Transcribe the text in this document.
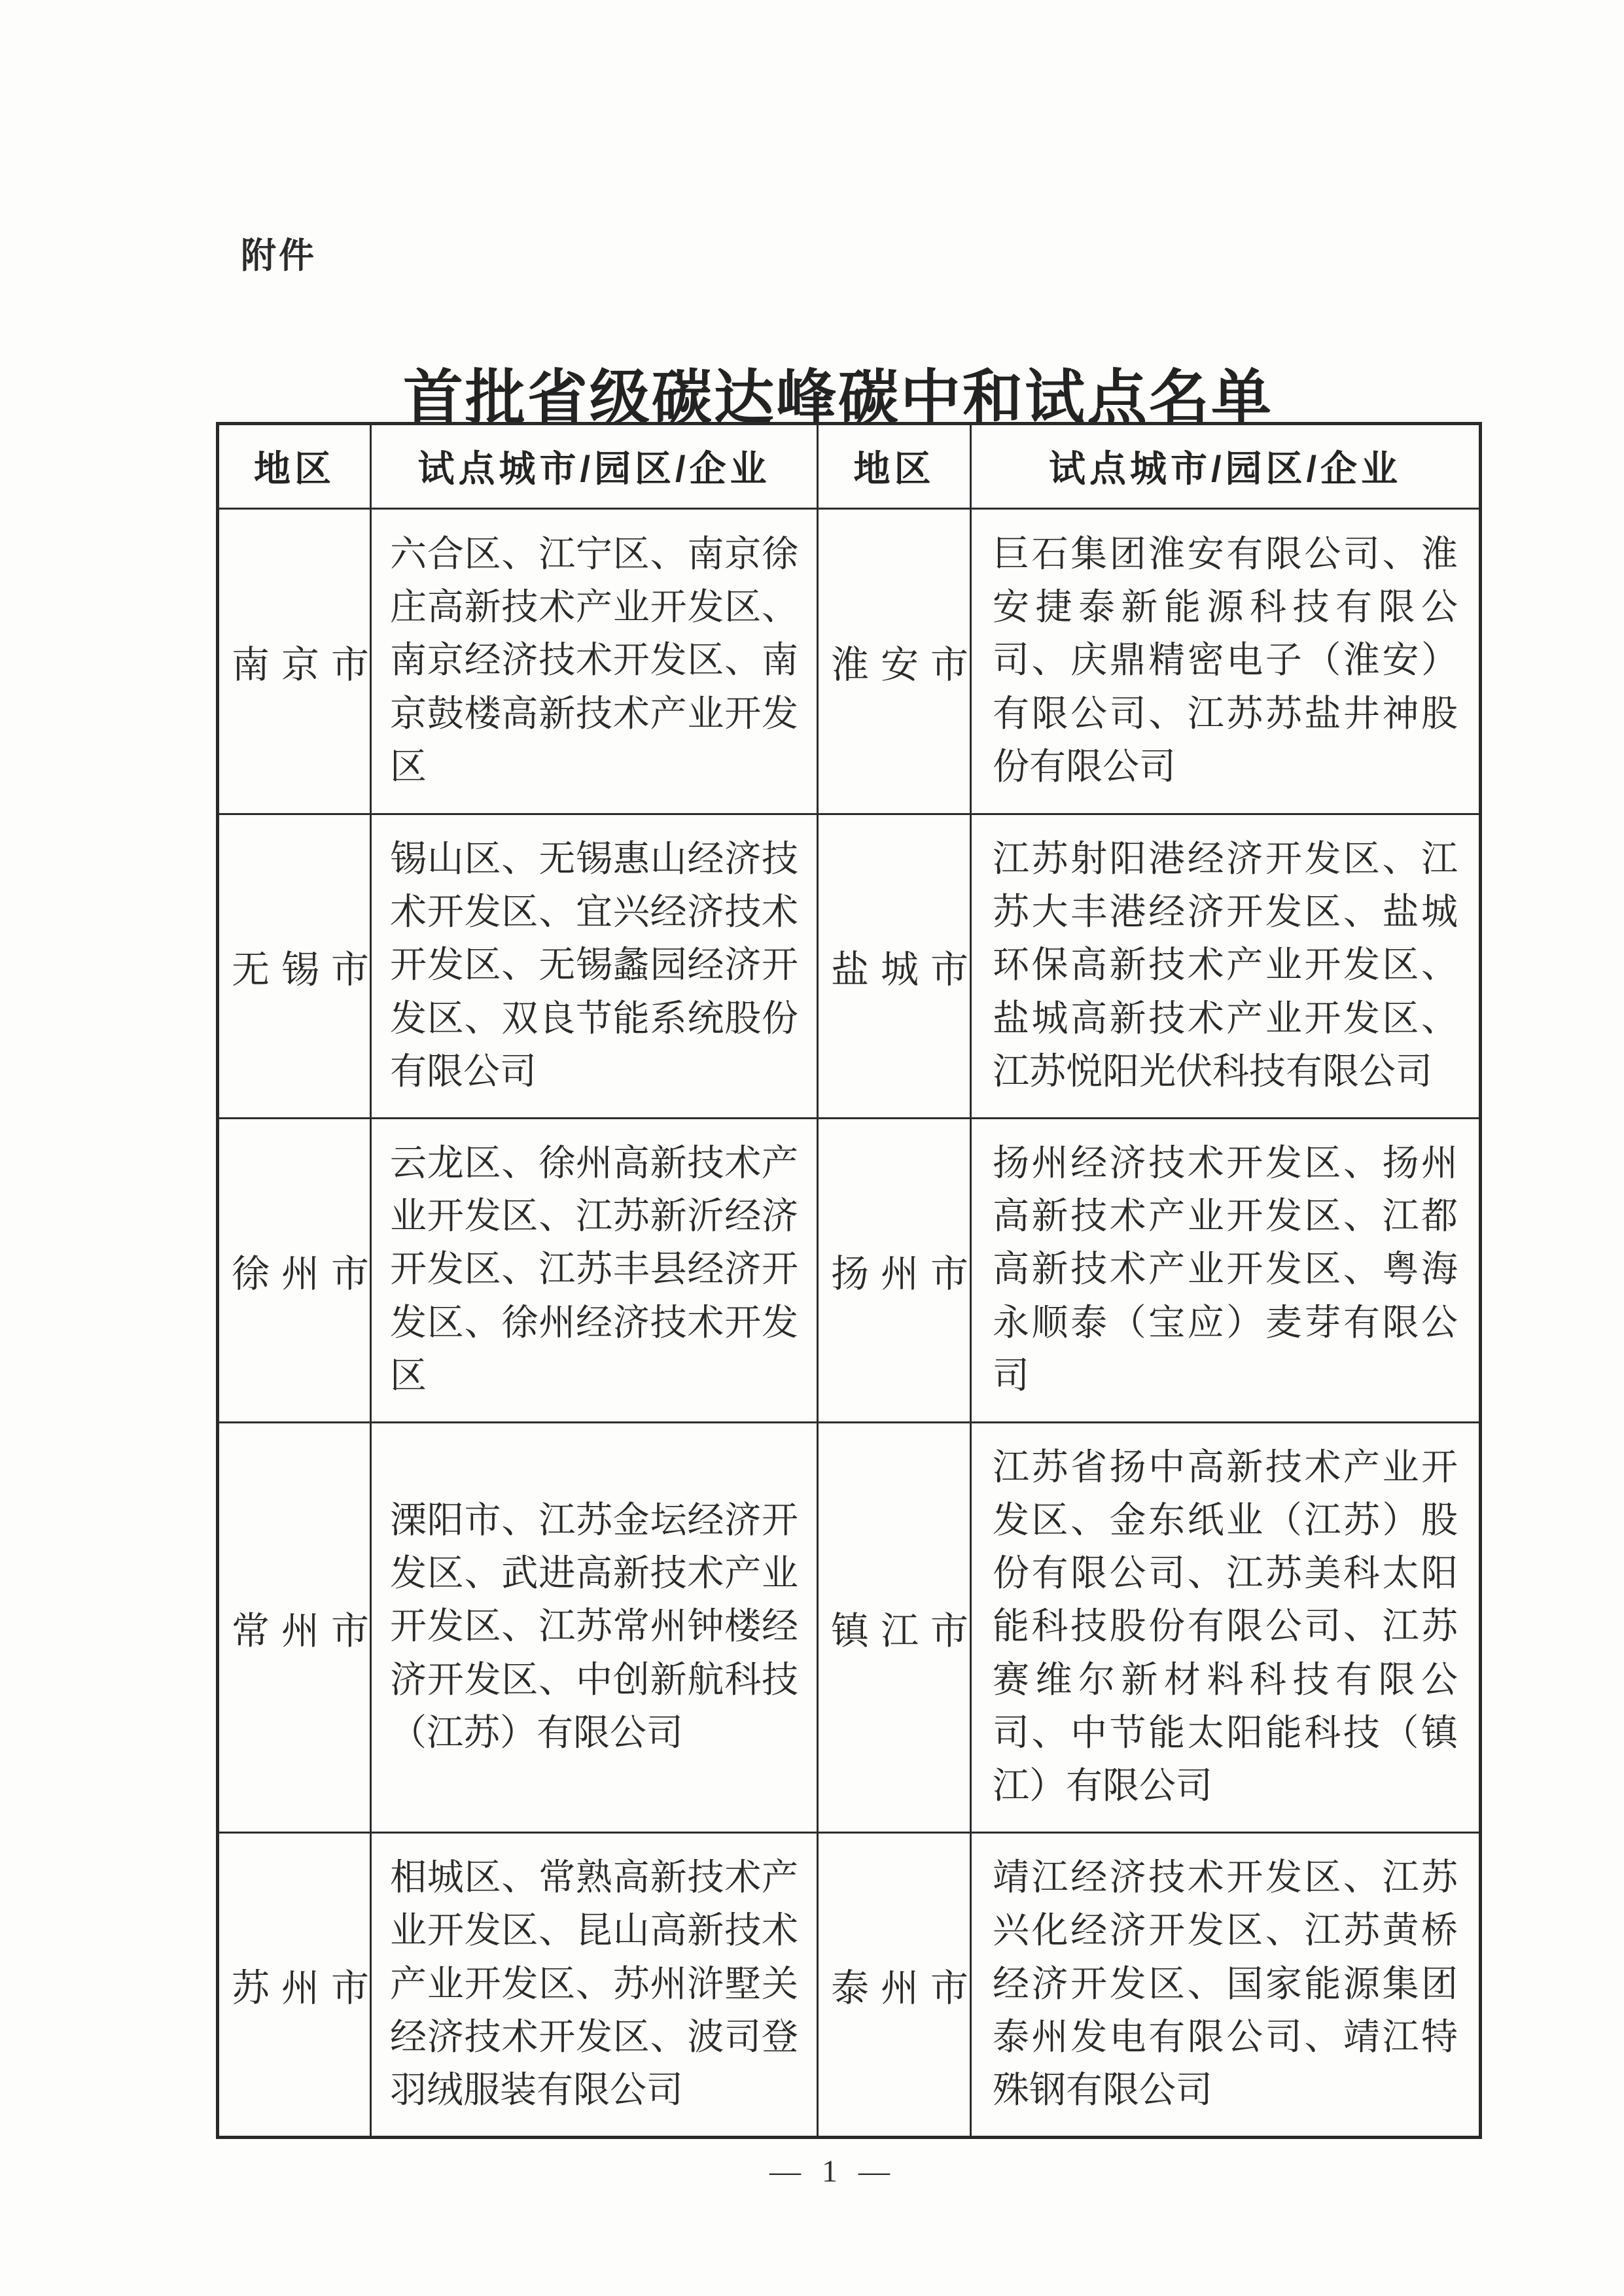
附件
首批省级碳达峰碳中和试点名单
地区	试点城市/园区/企业	地区	试点城市/园区/企业
南京市	六合区、江宁区、南京徐庄高新技术产业开发区、南京经济技术开发区、南京鼓楼高新技术产业开发区	淮安市	巨石集团淮安有限公司、淮安捷泰新能源科技有限公司、庆鼎精密电子（淮安）有限公司、江苏苏盐井神股份有限公司
无锡市	锡山区、无锡惠山经济技术开发区、宜兴经济技术开发区、无锡蠡园经济开发区、双良节能系统股份有限公司	盐城市	江苏射阳港经济开发区、江苏大丰港经济开发区、盐城环保高新技术产业开发区、盐城高新技术产业开发区、江苏悦阳光伏科技有限公司
徐州市	云龙区、徐州高新技术产业开发区、江苏新沂经济开发区、江苏丰县经济开发区、徐州经济技术开发区	扬州市	扬州经济技术开发区、扬州高新技术产业开发区、江都高新技术产业开发区、粤海永顺泰（宝应）麦芽有限公司
常州市	溧阳市、江苏金坛经济开发区、武进高新技术产业开发区、江苏常州钟楼经济开发区、中创新航科技（江苏）有限公司	镇江市	江苏省扬中高新技术产业开发区、金东纸业（江苏）股份有限公司、江苏美科太阳能科技股份有限公司、江苏赛维尔新材料科技有限公司、中节能太阳能科技（镇江）有限公司
苏州市	相城区、常熟高新技术产业开发区、昆山高新技术产业开发区、苏州浒墅关经济技术开发区、波司登羽绒服装有限公司	泰州市	靖江经济技术开发区、江苏兴化经济开发区、江苏黄桥经济开发区、国家能源集团泰州发电有限公司、靖江特殊钢有限公司
— 1 —
